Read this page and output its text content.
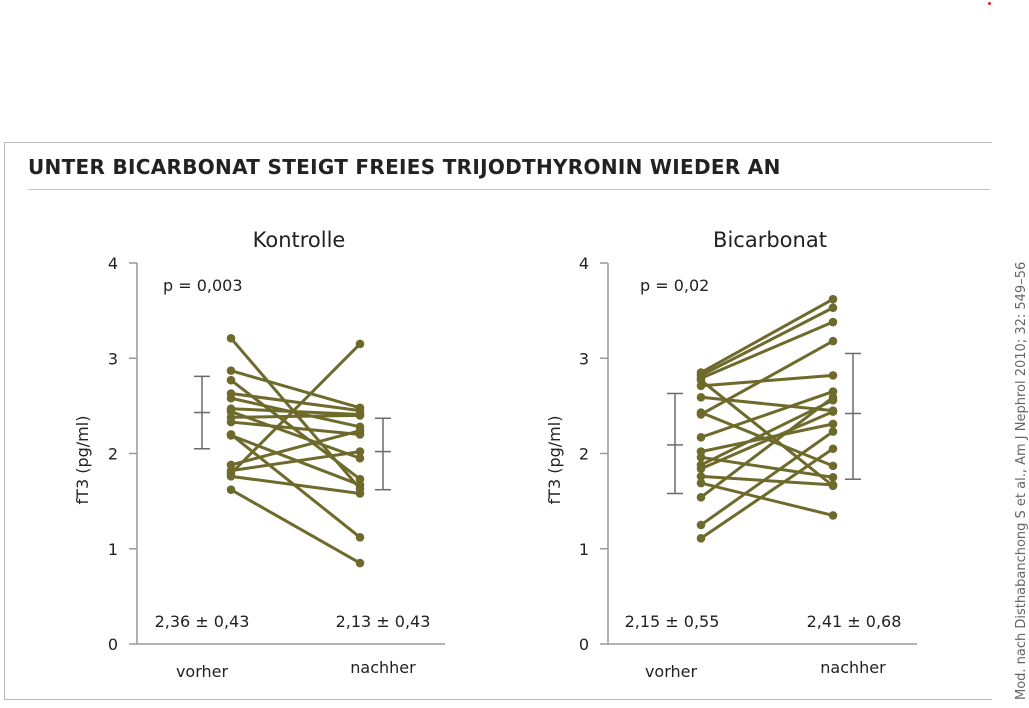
UNTER BICARBONAT STEIGT FREIES TRIJODTHYRONIN WIEDER AN
Mod. nach Disthabanchong S et al., Am J Nephrol 2010; 32: 549–56
Kontrolle
0
1
2
3
4
fT3 (pg/ml)
p = 0,003
2,36 ± 0,43	2,13 ± 0,43
vorher	nachher
Bicarbonat
0
1
2
3
4
fT3 (pg/ml)
p = 0,02
2,15 ± 0,55	2,41 ± 0,68
vorher	nachher
